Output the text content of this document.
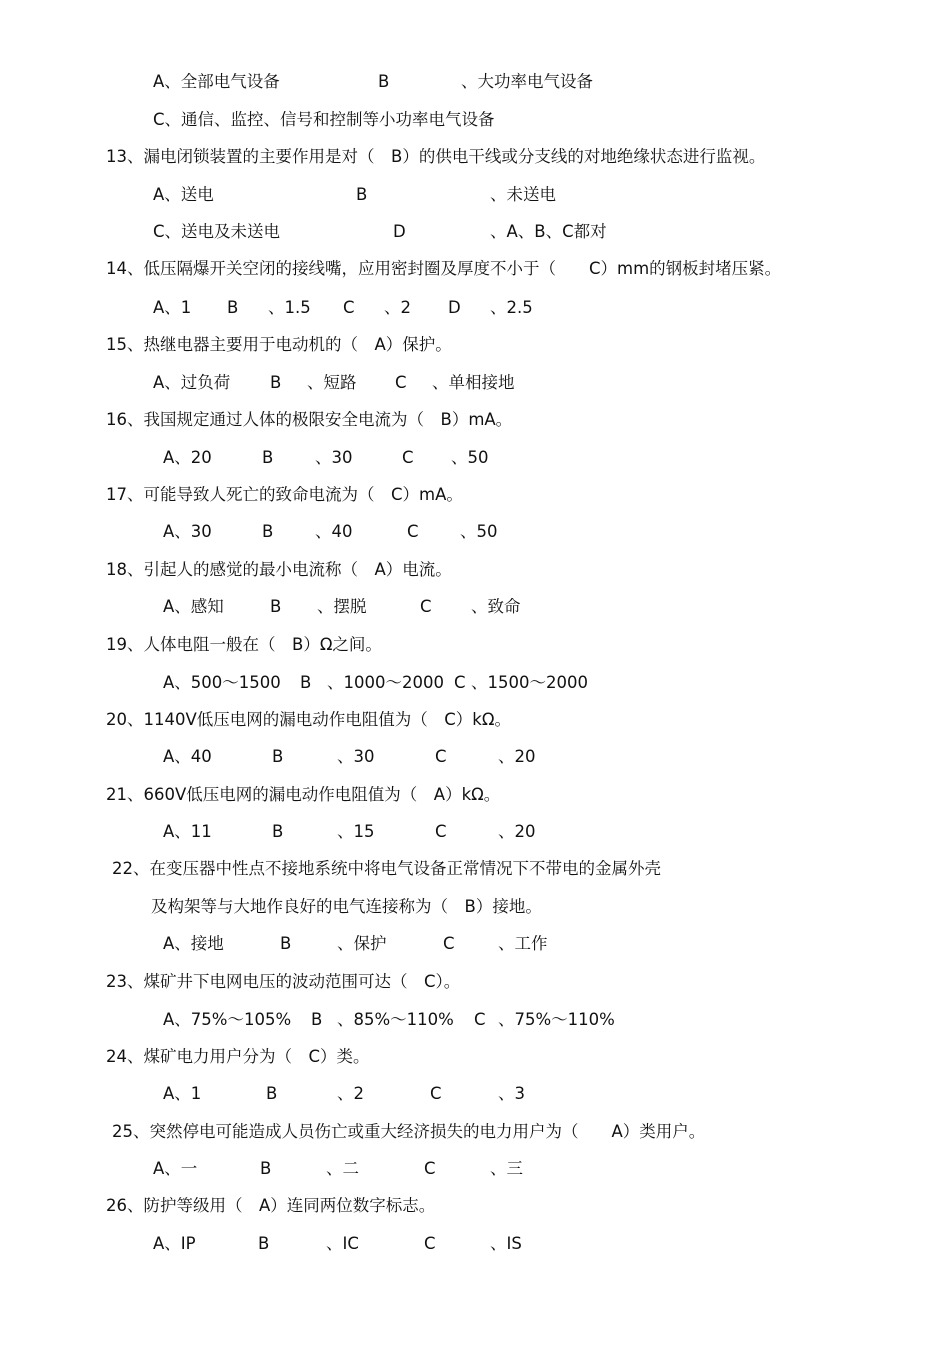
A、全部电气设备	B	、大功率电气设备
C、通信、监控、信号和控制等小功率电气设备
13、漏电闭锁装置的主要作用是对（　B）的供电干线或分支线的对地绝缘状态进行监视。
A、送电	B	、未送电
C、送电及未送电	D	、A、B、C都对
14、低压隔爆开关空闭的接线嘴，应用密封圈及厚度不小于（　　C）mm的钢板封堵压紧。
A、1 B 、1.5 C 、2 D 、2.5
15、热继电器主要用于电动机的（　A）保护。
A、过负荷 B 、短路 C 、单相接地
16、我国规定通过人体的极限安全电流为（　B）mA。
A、20	B	、30	C 、50
17、可能导致人死亡的致命电流为（　C）mA。
A、30	B	、40	C	、50
18、引起人的感觉的最小电流称（　A）电流。
A、感知	B 、摆脱	C 、致命
19、人体电阻一般在（　B）Ω之间。
A、500～1500 B 、1000～2000 C 、1500～2000
20、1140V低压电网的漏电动作电阻值为（　C）kΩ。
A、40	B	、30	C	、20
21、660V低压电网的漏电动作电阻值为（　A）kΩ。
A、11	B	、15	C	、20
22、在变压器中性点不接地系统中将电气设备正常情况下不带电的金属外壳
及构架等与大地作良好的电气连接称为（　B）接地。
A、接地	B	、保护	C	、工作
23、煤矿井下电网电压的波动范围可达（　C）。
A、75%～105% B 、85%～110% C 、75%～110%
24、煤矿电力用户分为（　C）类。
A、1	B	、2	C	、3
25、突然停电可能造成人员伤亡或重大经济损失的电力用户为（　　A）类用户。
A、一	B	、二	C	、三
26、防护等级用（　A）连同两位数字标志。
A、IP	B	、IC	C	、IS
